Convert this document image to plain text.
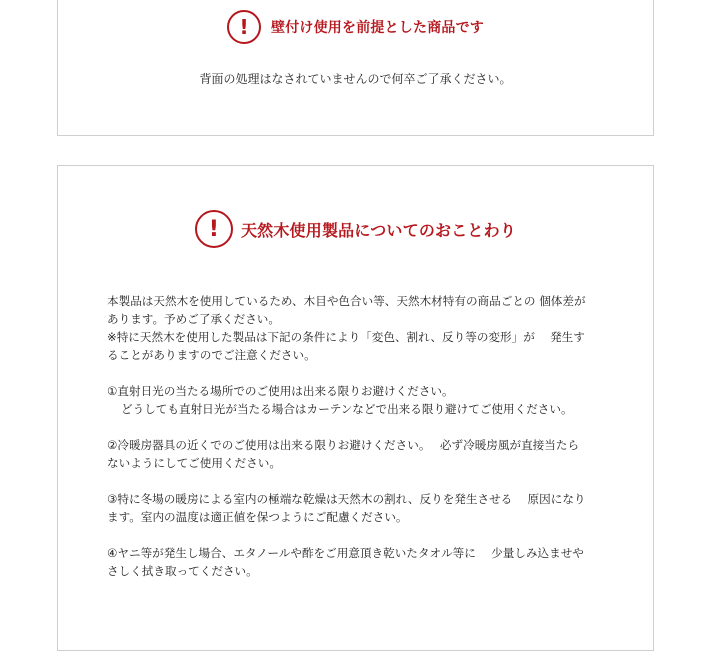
!	壁付け使用を前提とした商品です
背面の処理はなされていませんので何卒ご了承ください。
!	天然木使用製品についてのおことわり

本製品は天然木を使用しているため、木目や色合い等、天然木材特有の商品ごとの 個体差が
あります。予めご了承ください。
※特に天然木を使用した製品は下記の条件により「変色、割れ、反り等の変形」が　 発生す
ることがありますのでご注意ください。

①直射日光の当たる場所でのご使用は出来る限りお避けください。
どうしても直射日光が当たる場合はカーテンなどで出来る限り避けてご使用ください。

②冷暖房器具の近くでのご使用は出来る限りお避けください。　 必ず冷暖房風が直接当たら
ないようにしてご使用ください。

③特に冬場の暖房による室内の極端な乾燥は天然木の割れ、反りを発生させる　 原因になり
ます。室内の温度は適正値を保つようにご配慮ください。

④ヤニ等が発生し場合、エタノールや酢をご用意頂き乾いたタオル等に　 少量しみ込ませや
さしく拭き取ってください。
